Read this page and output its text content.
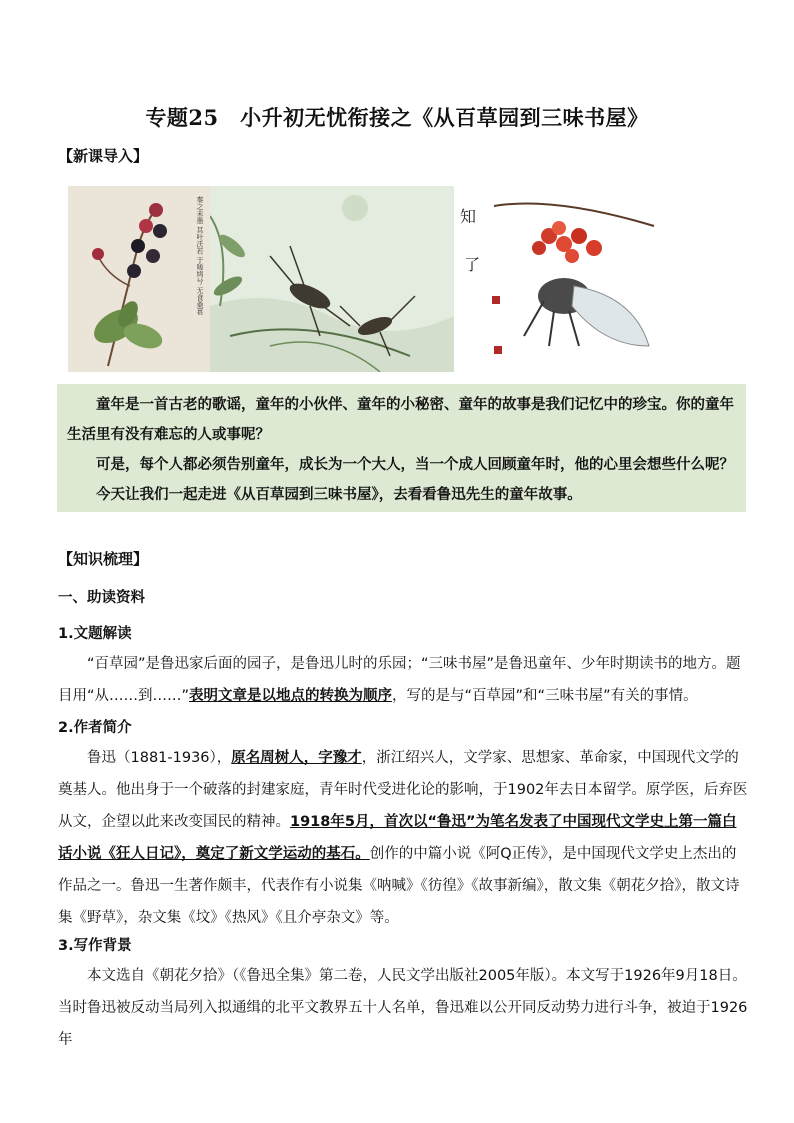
专题25　小升初无忧衔接之《从百草园到三味书屋》
【新课导入】
秦之未墨 其叶沃若 于嗟鸠兮 无食桑葚	知
了

童年是一首古老的歌谣，童年的小伙伴、童年的小秘密、童年的故事是我们记忆中的珍宝。你的童年生活里有没有难忘的人或事呢？

可是，每个人都必须告别童年，成长为一个大人，当一个成人回顾童年时，他的心里会想些什么呢？

今天让我们一起走进《从百草园到三味书屋》，去看看鲁迅先生的童年故事。

【知识梳理】
一、助读资料
1.文题解读

“百草园”是鲁迅家后面的园子，是鲁迅儿时的乐园；“三味书屋”是鲁迅童年、少年时期读书的地方。题目用“从……到……”表明文章是以地点的转换为顺序，写的是与“百草园”和“三味书屋”有关的事情。

2.作者简介

鲁迅（1881-1936），原名周树人，字豫才，浙江绍兴人，文学家、思想家、革命家，中国现代文学的奠基人。他出身于一个破落的封建家庭，青年时代受进化论的影响，于1902年去日本留学。原学医，后弃医从文，企望以此来改变国民的精神。1918年5月，首次以“鲁迅”为笔名发表了中国现代文学史上第一篇白话小说《狂人日记》，奠定了新文学运动的基石。创作的中篇小说《阿Q正传》，是中国现代文学史上杰出的作品之一。鲁迅一生著作颇丰，代表作有小说集《呐喊》《彷徨》《故事新编》，散文集《朝花夕拾》，散文诗集《野草》，杂文集《坟》《热风》《且介亭杂文》等。

3.写作背景

本文选自《朝花夕拾》（《鲁迅全集》第二卷，人民文学出版社2005年版）。本文写于1926年9月18日。当时鲁迅被反动当局列入拟通缉的北平文教界五十人名单，鲁迅难以公开同反动势力进行斗争，被迫于1926年
